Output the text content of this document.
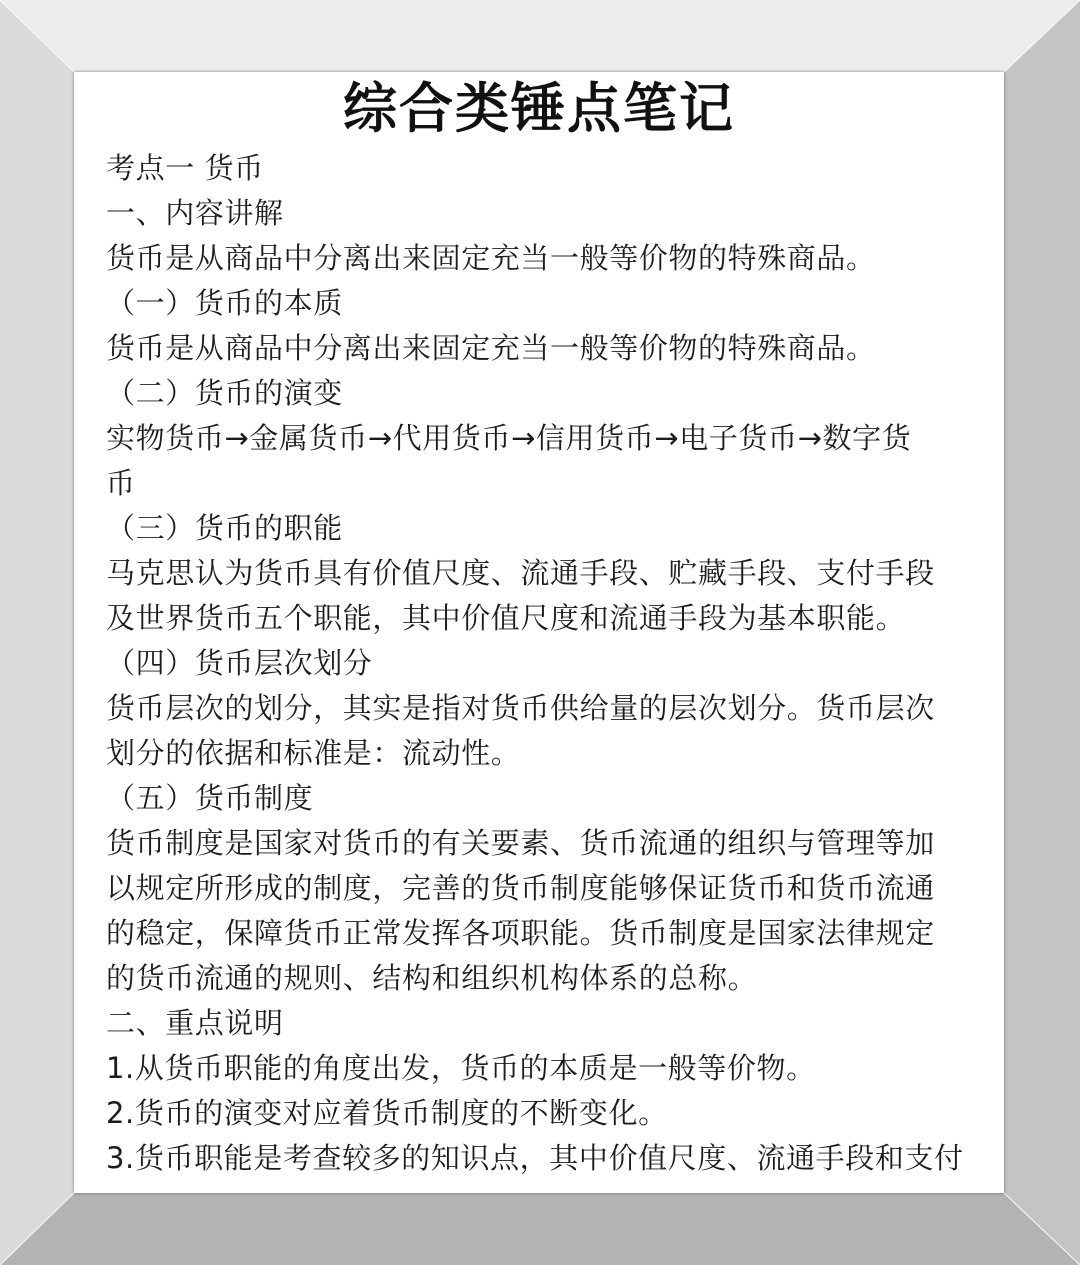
综合类锤点笔记
考点一 货币
一、内容讲解
货币是从商品中分离出来固定充当一般等价物的特殊商品。
（一）货币的本质
货币是从商品中分离出来固定充当一般等价物的特殊商品。
（二）货币的演变
实物货币→金属货币→代用货币→信用货币→电子货币→数字货
币
（三）货币的职能
马克思认为货币具有价值尺度、流通手段、贮藏手段、支付手段
及世界货币五个职能，其中价值尺度和流通手段为基本职能。
（四）货币层次划分
货币层次的划分，其实是指对货币供给量的层次划分。货币层次
划分的依据和标准是：流动性。
（五）货币制度
货币制度是国家对货币的有关要素、货币流通的组织与管理等加
以规定所形成的制度，完善的货币制度能够保证货币和货币流通
的稳定，保障货币正常发挥各项职能。货币制度是国家法律规定
的货币流通的规则、结构和组织机构体系的总称。
二、重点说明
1.从货币职能的角度出发，货币的本质是一般等价物。
2.货币的演变对应着货币制度的不断变化。
3.货币职能是考查较多的知识点，其中价值尺度、流通手段和支付
